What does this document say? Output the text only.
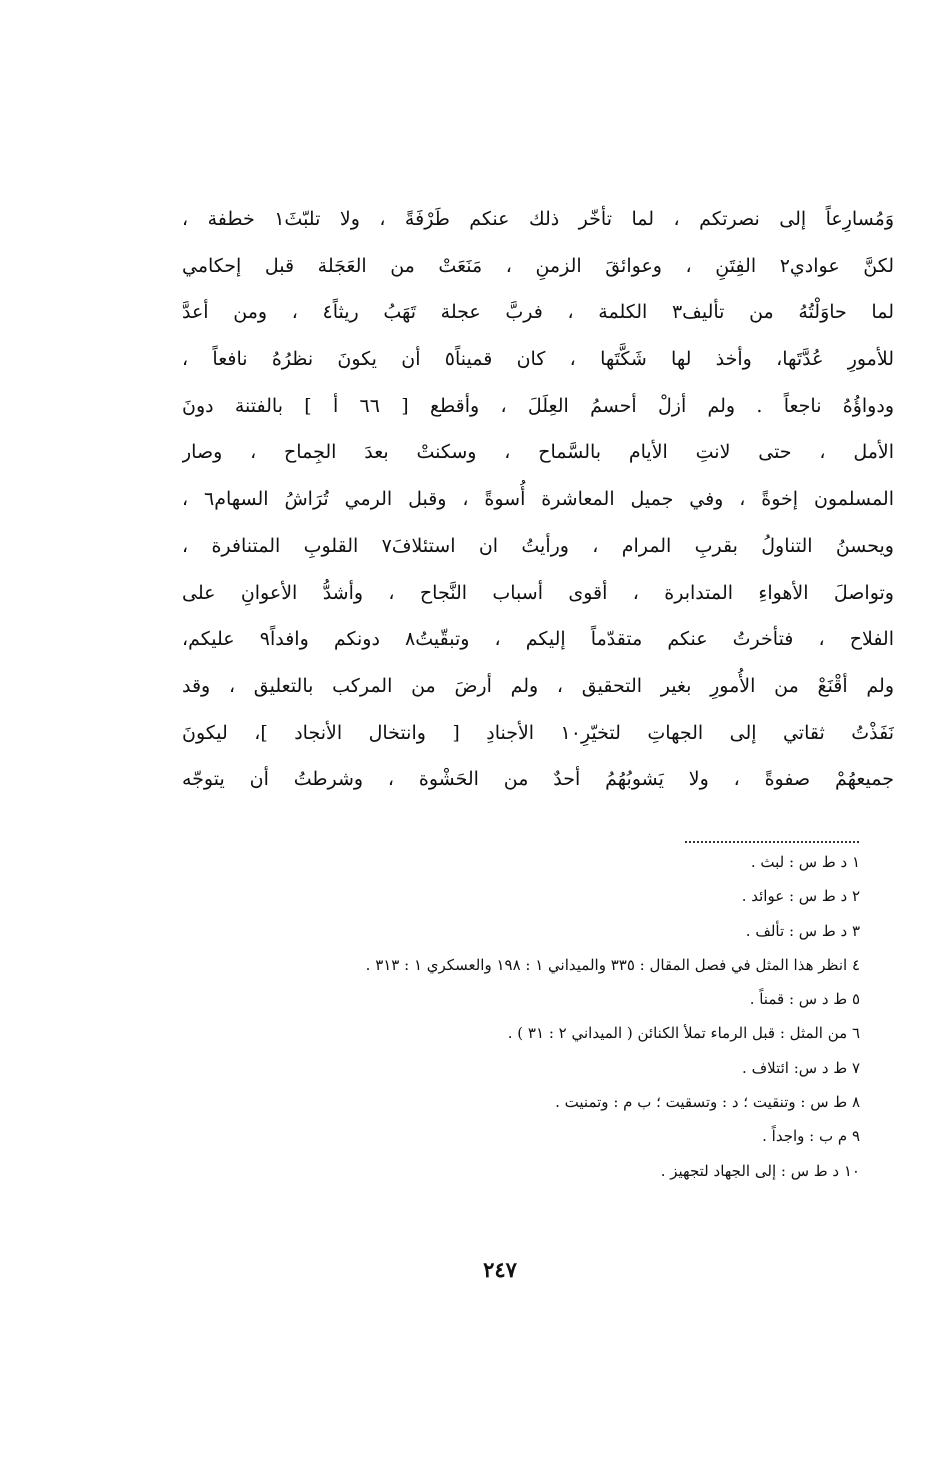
وَمُسارِعاً إلى نصرتكم ، لما تأخّر ذلك عنكم طَرْفَةً ، ولا تلبّثَ١ خطفة ،
لكنَّ عوادي٢ الفِتَنِ ، وعوائقَ الزمنِ ، مَنَعَتْ من العَجَلة قبل إحكامي
لما حاوَلْتُهُ من تأليف٣ الكلمة ، فربَّ عجلة تَهَبُ ريثاً٤ ، ومن أعدَّ
للأمورِ عُدَّتَها، وأخذ لها شَكَّتَها ، كان قميناً٥ أن يكونَ نظرُهُ نافعاً ،
ودواؤُهُ ناجعاً . ولم أزلْ أحسمُ العِلَلَ ، وأقطع [ ٦٦ أ ] بالفتنة دونَ
الأمل ، حتى لانتِ الأيام بالسَّماح ، وسكنتْ بعدَ الجِماح ، وصار
المسلمون إخوةً ، وفي جميل المعاشرة أُسوةً ، وقبل الرمي تُرَاشُ السهام٦ ،
ويحسنُ التناولُ بقربِ المرام ، ورأيتُ ان استئلافَ٧ القلوبِ المتنافرة ،
وتواصلَ الأهواءِ المتدابرة ، أقوى أسباب النَّجاح ، وأشدُّ الأعوانِ على
الفلاح ، فتأخرتُ عنكم متقدّماً إليكم ، وتبقّيتُ٨ دونكم وافداً٩ عليكم،
ولم أقْنَعْ من الأُمورِ بغير التحقيق ، ولم أرضَ من المركب بالتعليق ، وقد
نَفَذْتُ ثقاتي إلى الجهاتِ لتخيّرِ١٠ الأجنادِ [ وانتخال الأنجاد ]، ليكونَ
جميعهُمْ صفوةً ، ولا يَشوبُهُمُ أحدٌ من الحَشْوة ، وشرطتُ أن يتوجّه
١ د ط س : لبث .
٢ د ط س : عوائد .
٣ د ط س : تألف .
٤ انظر هذا المثل في فصل المقال : ٣٣٥ والميداني ١ : ١٩٨ والعسكري ١ : ٣١٣ .
٥ ط د س : قمناً .
٦ من المثل : قبل الرماء تملأ الكنائن ( الميداني ٢ : ٣١ ) .
٧ ط د س: ائتلاف .
٨ ط س : وتنقيت ؛ د : وتسقيت ؛ ب م : وتمنيت .
٩ م ب : واجداً .
١٠ د ط س : إلى الجهاد لتجهيز .
٢٤٧
